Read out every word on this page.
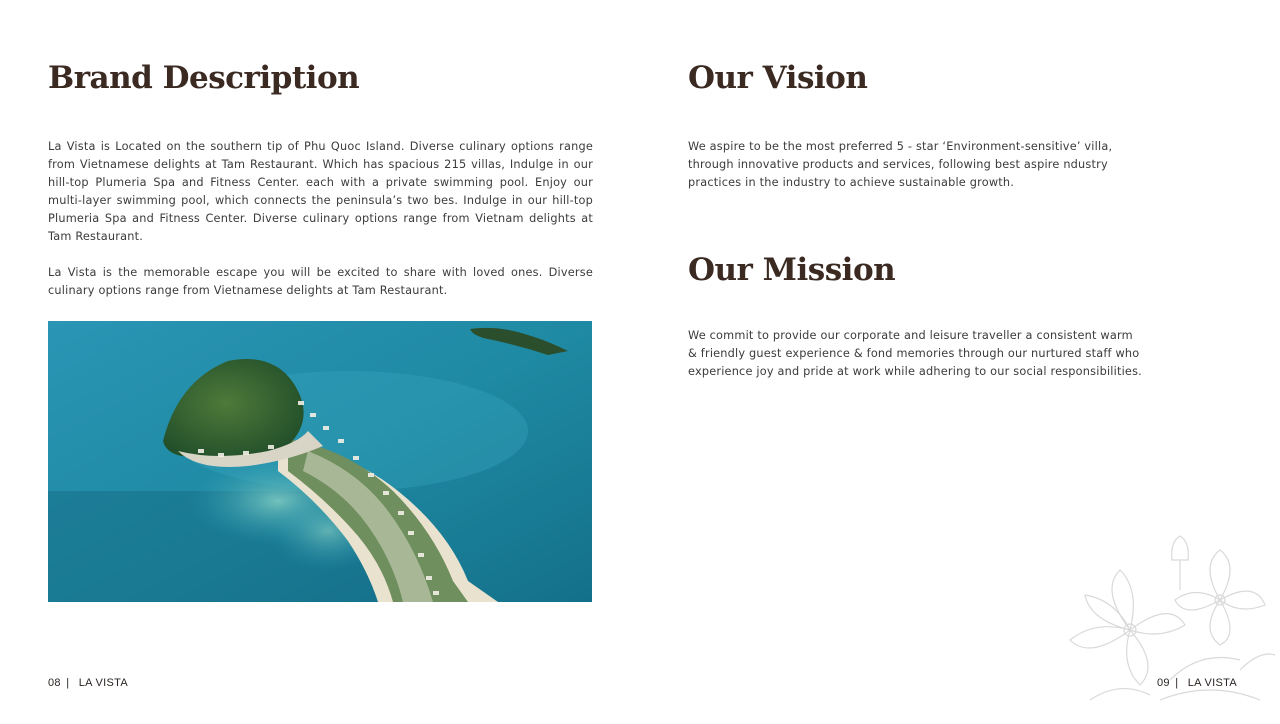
Brand Description

La Vista is Located on the southern tip of Phu Quoc Island. Diverse culinary options range from Vietnamese delights at Tam Restaurant. Which has spacious 215 villas, Indulge in our hill-top Plumeria Spa and Fitness Center. each with a private swimming pool. Enjoy our multi-layer swimming pool, which connects the peninsula’s two bes. Indulge in our hill-top Plumeria Spa and Fitness Center. Diverse culinary options range from Vietnam delights at Tam Restaurant.

La Vista is the memorable escape you will be excited to share with loved ones. Diverse culinary options range from Vietnamese delights at Tam Restaurant.

Our Vision

We aspire to be the most preferred 5 - star ‘Environment-sensitive’ villa, through innovative products and services, following best aspire ndustry practices in the industry to achieve sustainable growth.

Our Mission

We commit to provide our corporate and leisure traveller a consistent warm & friendly guest experience & fond memories through our nurtured staff who experience joy and pride at work while adhering to our social responsibilities.

08 | LA VISTA	09 | LA VISTA
